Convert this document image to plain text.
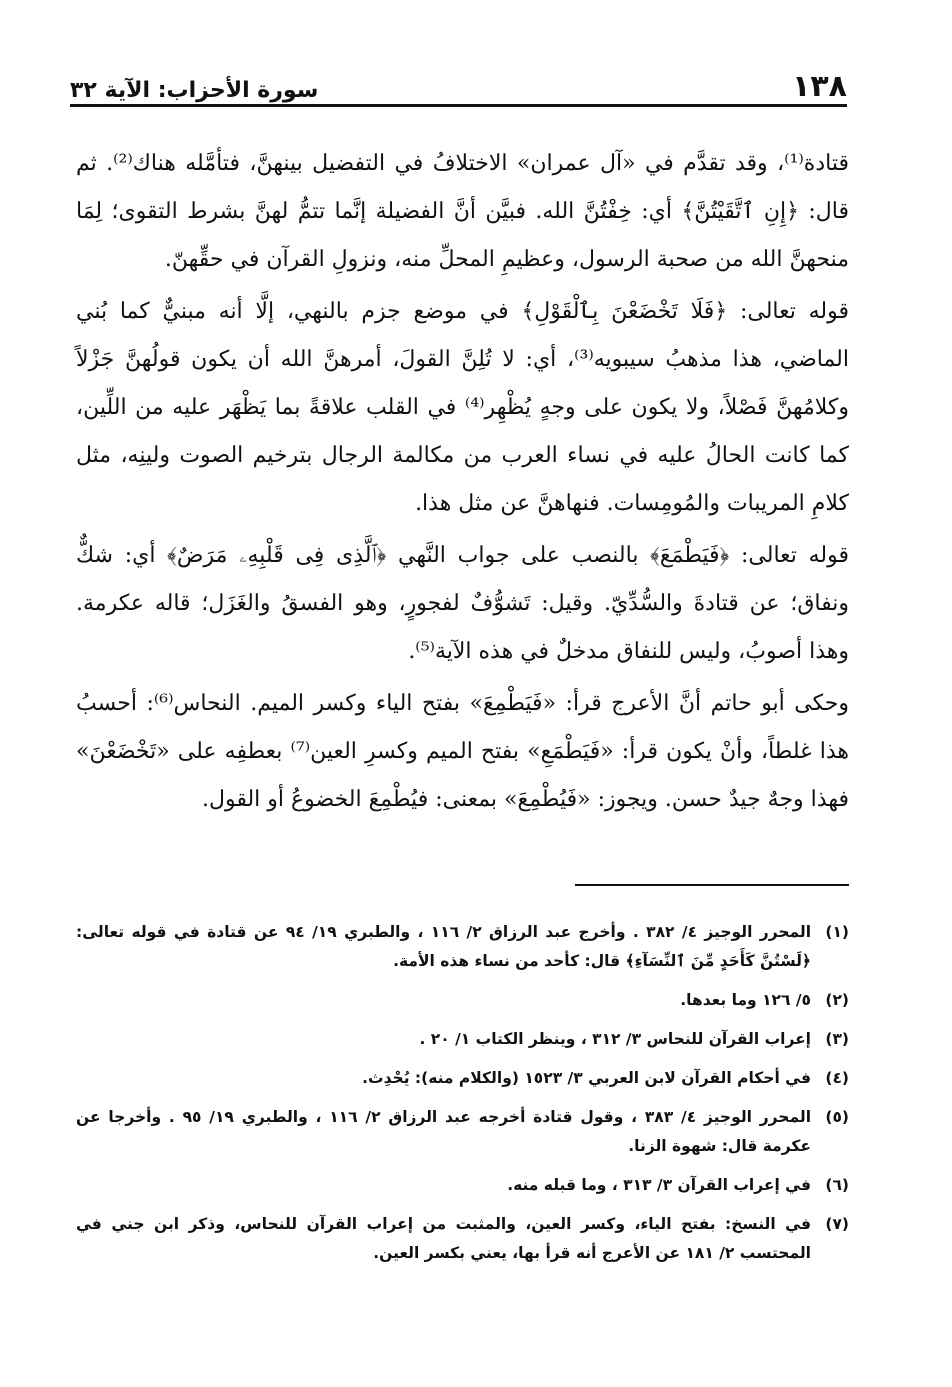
١٣٨
سورة الأحزاب: الآية ٣٢

قتادة⁽¹⁾، وقد تقدَّم في «آل عمران» الاختلافُ في التفضيل بينهنَّ، فتأمَّله هناك⁽²⁾. ثم قال: ﴿إِنِ ٱتَّقَيْتُنَّ﴾ أي: خِفْتُنَّ الله. فبيَّن أنَّ الفضيلة إنَّما تتمُّ لهنَّ بشرط التقوى؛ لِمَا منحهنَّ الله من صحبة الرسول، وعظيمِ المحلِّ منه، ونزولِ القرآن في حقِّهنّ.

قوله تعالى: ﴿فَلَا تَخْضَعْنَ بِٱلْقَوْلِ﴾ في موضع جزم بالنهي، إلَّا أنه مبنيٌّ كما بُني الماضي، هذا مذهبُ سيبويه⁽³⁾، أي: لا تُلِنَّ القولَ، أمرهنَّ الله أن يكون قولُهنَّ جَزْلاً وكلامُهنَّ فَصْلاً، ولا يكون على وجهٍ يُظْهِر⁽⁴⁾ في القلب علاقةً بما يَظْهَر عليه من اللِّين، كما كانت الحالُ عليه في نساء العرب من مكالمة الرجال بترخيم الصوت ولينِه، مثل كلامِ المريبات والمُومِسات. فنهاهنَّ عن مثل هذا.

قوله تعالى: ﴿فَيَطْمَعَ﴾ بالنصب على جواب النَّهي ﴿ٱلَّذِى فِى قَلْبِهِۦ مَرَضٌ﴾ أي: شكٌّ ونفاق؛ عن قتادةَ والسُّدِّيّ. وقيل: تَشوُّفٌ لفجورٍ، وهو الفسقُ والغَزَل؛ قاله عكرمة. وهذا أصوبُ، وليس للنفاق مدخلٌ في هذه الآية⁽⁵⁾.

وحكى أبو حاتم أنَّ الأعرج قرأ: «فَيَطْمِعَ» بفتح الياء وكسر الميم. النحاس⁽⁶⁾: أحسبُ هذا غلطاً، وأنْ يكون قرأ: «فَيَطْمَعِ» بفتح الميم وكسرِ العين⁽⁷⁾ بعطفِه على «تَخْضَعْنَ» فهذا وجهٌ جيدٌ حسن. ويجوز: «فَيُطْمِعَ» بمعنى: فيُطْمِعَ الخضوعُ أو القول.

(١)
المحرر الوجيز ٤/ ٣٨٢ . وأخرج عبد الرزاق ٢/ ١١٦ ، والطبري ١٩/ ٩٤ عن قتادة في قوله تعالى: ﴿لَسْتُنَّ كَأَحَدٍ مِّنَ ٱلنِّسَآءِ﴾ قال: كأحد من نساء هذه الأمة.
(٢)
٥/ ١٢٦ وما بعدها.
(٣)
إعراب القرآن للنحاس ٣/ ٣١٢ ، وينظر الكتاب ١/ ٢٠ .
(٤)
في أحكام القرآن لابن العربي ٣/ ١٥٢٣ (والكلام منه): يُحْدِث.
(٥)
المحرر الوجيز ٤/ ٣٨٣ ، وقول قتادة أخرجه عبد الرزاق ٢/ ١١٦ ، والطبري ١٩/ ٩٥ . وأخرجا عن عكرمة قال: شهوة الزنا.
(٦)
في إعراب القرآن ٣/ ٣١٣ ، وما قبله منه.
(٧)
في النسخ: بفتح الياء، وكسر العين، والمثبت من إعراب القرآن للنحاس، وذكر ابن جني في المحتسب ٢/ ١٨١ عن الأعرج أنه قرأ بها، يعني بكسر العين.
